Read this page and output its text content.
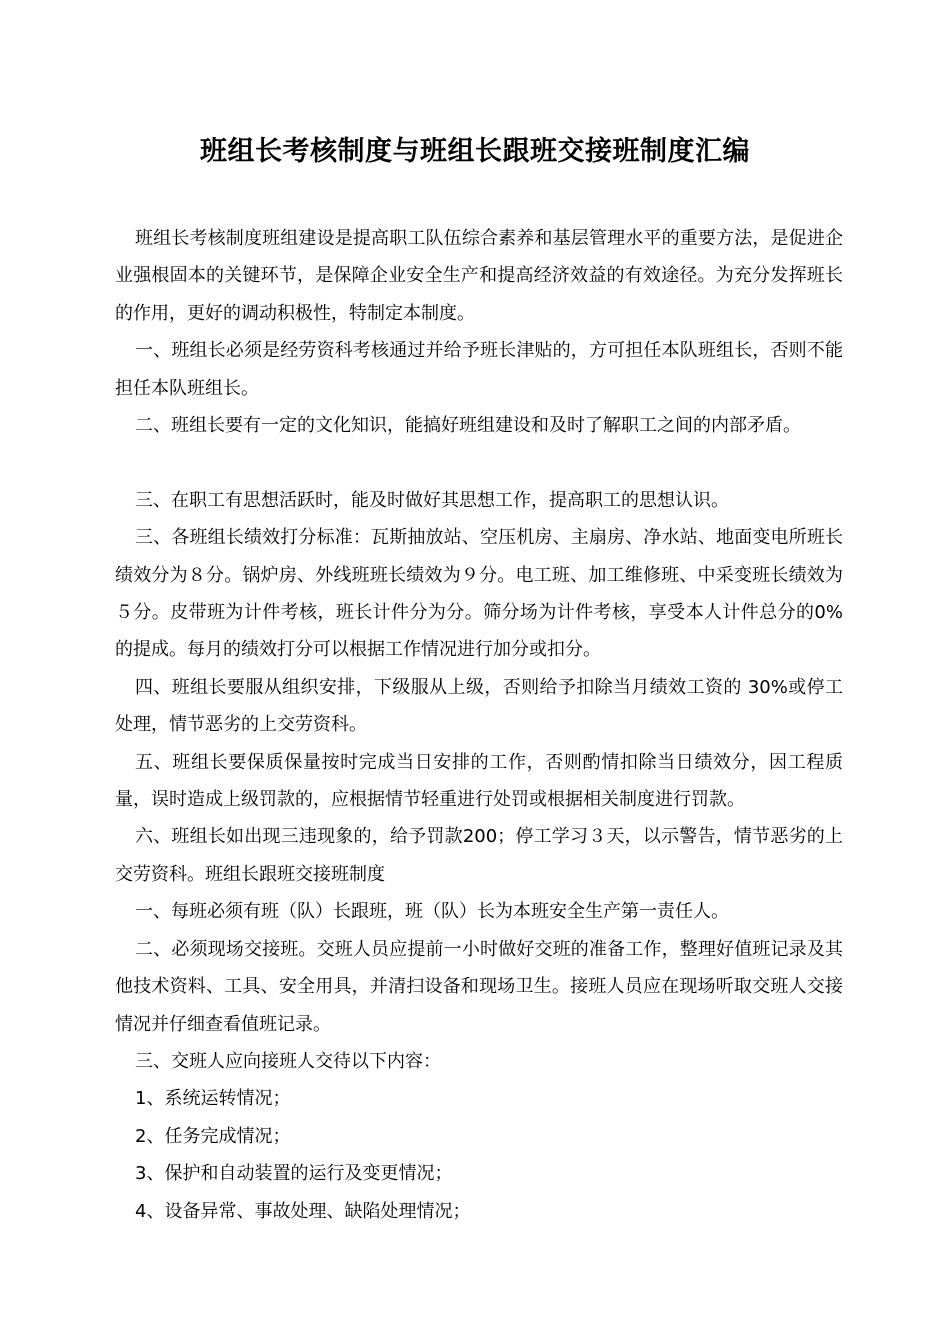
班组长考核制度与班组长跟班交接班制度汇编

班组长考核制度班组建设是提高职工队伍综合素养和基层管理水平的重要方法，是促进企业强根固本的关键环节，是保障企业安全生产和提高经济效益的有效途径。为充分发挥班长的作用，更好的调动积极性，特制定本制度。

一、班组长必须是经劳资科考核通过并给予班长津贴的，方可担任本队班组长，否则不能担任本队班组长。

二、班组长要有一定的文化知识，能搞好班组建设和及时了解职工之间的内部矛盾。

三、在职工有思想活跃时，能及时做好其思想工作，提高职工的思想认识。

三、各班组长绩效打分标准：瓦斯抽放站、空压机房、主扇房、净水站、地面变电所班长绩效分为８分。锅炉房、外线班班长绩效为９分。电工班、加工维修班、中采变班长绩效为５分。皮带班为计件考核，班长计件分为分。筛分场为计件考核，享受本人计件总分的0%的提成。每月的绩效打分可以根据工作情况进行加分或扣分。

四、班组长要服从组织安排，下级服从上级，否则给予扣除当月绩效工资的 30%或停工处理，情节恶劣的上交劳资科。

五、班组长要保质保量按时完成当日安排的工作，否则酌情扣除当日绩效分，因工程质量，误时造成上级罚款的，应根据情节轻重进行处罚或根据相关制度进行罚款。

六、班组长如出现三违现象的，给予罚款200；停工学习３天，以示警告，情节恶劣的上交劳资科。班组长跟班交接班制度

一、每班必须有班（队）长跟班，班（队）长为本班安全生产第一责任人。

二、必须现场交接班。交班人员应提前一小时做好交班的准备工作，整理好值班记录及其他技术资料、工具、安全用具，并清扫设备和现场卫生。接班人员应在现场听取交班人交接情况并仔细查看值班记录。

三、交班人应向接班人交待以下内容：

1、系统运转情况；

2、任务完成情况；

3、保护和自动装置的运行及变更情况；

4、设备异常、事故处理、缺陷处理情况；
